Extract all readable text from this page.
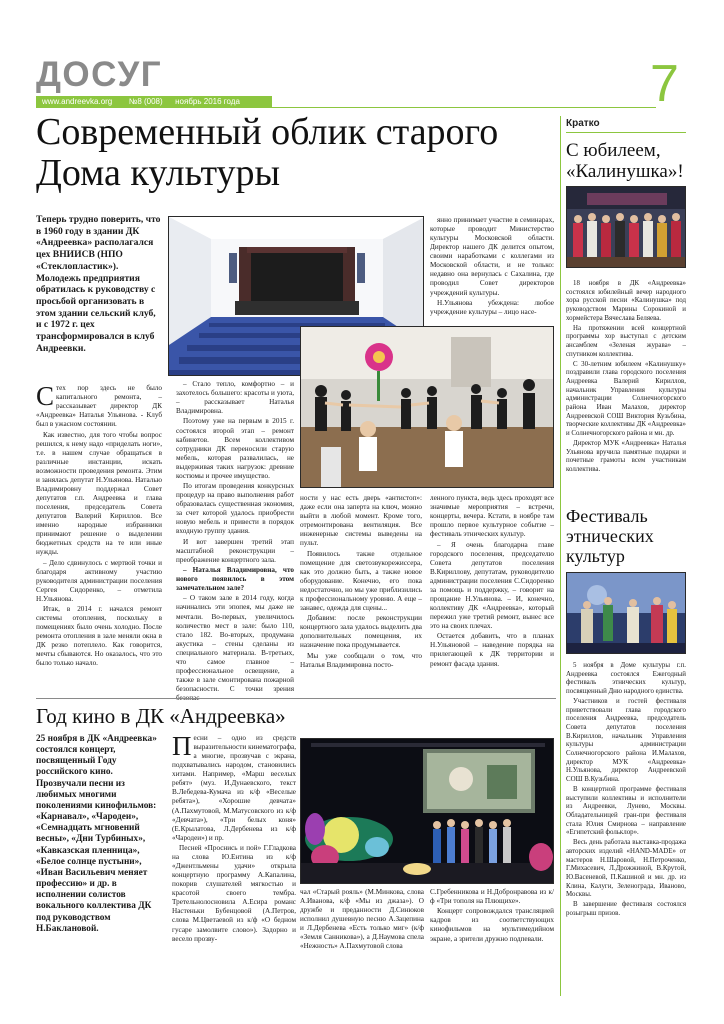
ДОСУГ
www.andreevka.org №8 (008) ноябрь 2016 года	7
Современный облик старого Дома культуры
Теперь трудно поверить, что в 1960 году в здании ДК «Андреевка» располагался цех ВНИИСВ (НПО «Стеклопластик»). Молодежь предприятия обратилась к руководству с просьбой организовать в этом здании сельский клуб, и с 1972 г. цех трансформировался в клуб Андреевки.

С тех пор здесь не было капитального ремонта, – рассказывает директор ДК «Андреевка» Наталья Ульянова. - Клуб был в ужасном состоянии.

Как известно, для того чтобы вопрос решился, к нему надо «приделать ноги», т.е. в нашем случае обращаться в различные инстанции, искать возможности проведения ремонта. Этим и занялась депутат Н.Ульянова. Наталью Владимировну поддержал Совет депутатов г.п. Андреевка и глава поселения, председатель Совета депутатов Валерий Кириллов. Все именно народные избранники принимают решение о выделении бюджетных средств на те или иные нужды.

– Дело сдвинулось с мертвой точки и благодаря активному участию руководителя администрации поселения Сергея Сидоренко, – отметила Н.Ульянова.

Итак, в 2014 г. начался ремонт системы отопления, поскольку в помещениях было очень холодно. После ремонта отопления в зале меняли окна в ДК резко потеплело. Как говорится, мечты сбываются. Но оказалось, что это было только начало.

– Стало тепло, комфортно – и захотелось большего: красоты и уюта, – рассказывает Наталья Владимировна.

Поэтому уже на первым в 2015 г. состоялся второй этап – ремонт кабинетов. Всем коллективом сотрудники ДК переносили старую мебель, которая развалилась, не выдерживая таких нагрузок: древние костюмы и прочее имущество.

По итогам проведения конкурсных процедур на право выполнения работ образовалась существенная экономия, за счет которой удалось приобрести новую мебель и привести в порядок входную группу здания.

И вот завершен третий этап масштабной реконструкции – преображение концертного зала.

– Наталья Владимировна, что нового появилось в этом замечательном зале?

– О таком зале в 2014 году, когда начинались эти эпопея, мы даже не мечтали. Во-первых, увеличилось количество мест в зале: было 110, стало 182. Во-вторых, продумана акустика – стены сделаны из специального материала. В-третьих, что самое главное – профессиональное освещение, а также в зале смонтирована пожарной безопасности. С точки зрения

янно принимает участие в семинарах, которые проводит Министерство культуры Московской области. Директор нашего ДК делится опытом, своими наработками с коллегами из Московской области, и не только: недавно она вернулась с Сахалина, где проводил Совет директоров учреждений культуры.

Н.Ульянова убеждена: любое учреждение культуры – лицо насе-

ности у нас есть дверь «антистоп»: даже если она заперта на ключ, можно выйти в любой момент. Кроме того, отремонтирована вентиляция. Все инженерные системы выведены на пульт.

Появилось также отдельное помещение для светозвукорежиссера, как это должно быть, а также новое оборудование. Конечно, его пока недостаточно, но мы уже приблизились к профессиональному уровню. А еще – занавес, одежда для сцены...

Добавим: после реконструкции концертного зала удалось выделить два дополнительных помещения, их назначение пока продумывается.

Мы уже сообщали о том, что Наталья Владимировна посто-

ленного пункта, ведь здесь проходят все значимые мероприятия – встречи, концерты, вечера. Кстати, в ноябре там прошло первое культурное событие – фестиваль этнических культур.

– Я очень благодарна главе городского поселения, председателю Совета депутатов поселения В.Кириллову, депутатам, руководителю администрации поселения С.Сидоренко за помощь и поддержку, – говорит на прощание Н.Ульянова. – И, конечно, коллективу ДК «Андреевка», который пережил уже третий ремонт, вынес все это на своих плечах.

Остается добавить, что в планах Н.Ульяновой – наведение порядка на прилегающей к ДК территории и ремонт фасада здания.

Год кино в ДК «Андреевка»
25 ноября в ДК «Андреевка» состоялся концерт, посвященный Году российского кино. Прозвучали песни из любимых многими поколениями кинофильмов: «Карнавал», «Чародеи», «Семнадцать мгновений весны», «Дни Турбиных», «Кавказская пленница», «Белое солнце пустыни», «Иван Васильевич меняет профессию» и др. в исполнении солистов вокального коллектива ДК под руководством Н.Баклановой.

Песни – одно из средств выразительности кинематографа, а многие, прозвучав с экрана, подхватывались народом, становились хитами. Например, «Марш веселых ребят» (муз. И.Дунаевского, текст В.Лебедева-Кумача из к/ф «Веселые ребята»), «Хорошие девчата» (А.Пахмутовой, М.Матусовского из к/ф «Девчата»), «Три белых коня» (Е.Крылатова, Л.Дербенева из к/ф «Чародеи») и пр.

Песней «Проснись и пой» Г.Гладкова на слова Ю.Ентина из к/ф «Джентльмены удачи» открыла концертную программу А.Капалина, покорив слушателей мягкостью и красотой своего тембра. Третельнолосновила А.Есира романс Настеньки Бубенцовой (А.Петров, слова М.Цветаевой из к/ф «О бедном гусаре замолвите слово»). Задорно и весело прозву-

чал «Старый рояль» (М.Минкова, слова А.Иванова, к/ф «Мы из джаза»). О дружбе и преданности Д.Синюков исполнил душевную песню А.Зацепина и Л.Дербенева «Есть только миг» (к/ф «Земля Санникова»), а Д.Наумова спела «Нежность» А.Пахмутовой слова

С.Гребенникова и Н.Добронравова из к/ф «Три тополя на Плющихе».

Концерт сопровождался трансляцией кадров из соответствующих кинофильмов на мультимедийном экране, а зрители дружно подпевали.

Кратко
С юбилеем, «Калинушка»!

18 ноября в ДК «Андреевка» состоялся юбилейный вечер народного хора русской песни «Калинушка» под руководством Марины Сорокиной и хормейстера Вячеслава Беляева.

На протяжении всей концертной программы хор выступал с детским ансамблем «Зеленая журава» – спутником коллектива.

С 30-летним юбилеем «Калинушку» поздравили глава городского поселения Андреевка Валерий Кириллов, начальник Управления культуры администрации Солнечногорского района Иван Малахов, директор Андреевской СОШ Виктория Кузьбина, творческие коллективы ДК «Андреевка» и Солнечногорского района и мн. др.

Директор МУК «Андреевка» Наталья Ульянова вручила памятные подарки и почетные грамоты всем участникам коллектива.

Фестиваль этнических культур

5 ноября в Доме культуры г.п. Андреевка состоялся Ежегодный фестиваль этнических культур, посвященный Дню народного единства.

Участников и гостей фестиваля приветствовали глава городского поселения Андреевка, председатель Совета депутатов поселения В.Кириллов, начальник Управления культуры администрации Солнечногорского района И.Малахов, директор МУК «Андреевка» Н.Ульянова, директор Андреевской СОШ В.Кузьбина.

В концертной программе фестиваля выступили коллективы и исполнители из Андреевки, Лунево, Москвы. Обладательницей гран-при фестиваля стала Юлия Смирнова – направление «Египетский фольклор».

Весь день работала выставка-продажа авторских изделий «HAND-MADE» от мастеров Н.Шаровой, Н.Петроченко, Г.Михасевич, Л.Дрожжиной, В.Крутой, Ю.Васеневой, П.Кашиной и мн. др. из Клина, Калуги, Зеленограда, Иваново, Москвы.

В завершение фестиваля состоялся розыгрыш призов.
